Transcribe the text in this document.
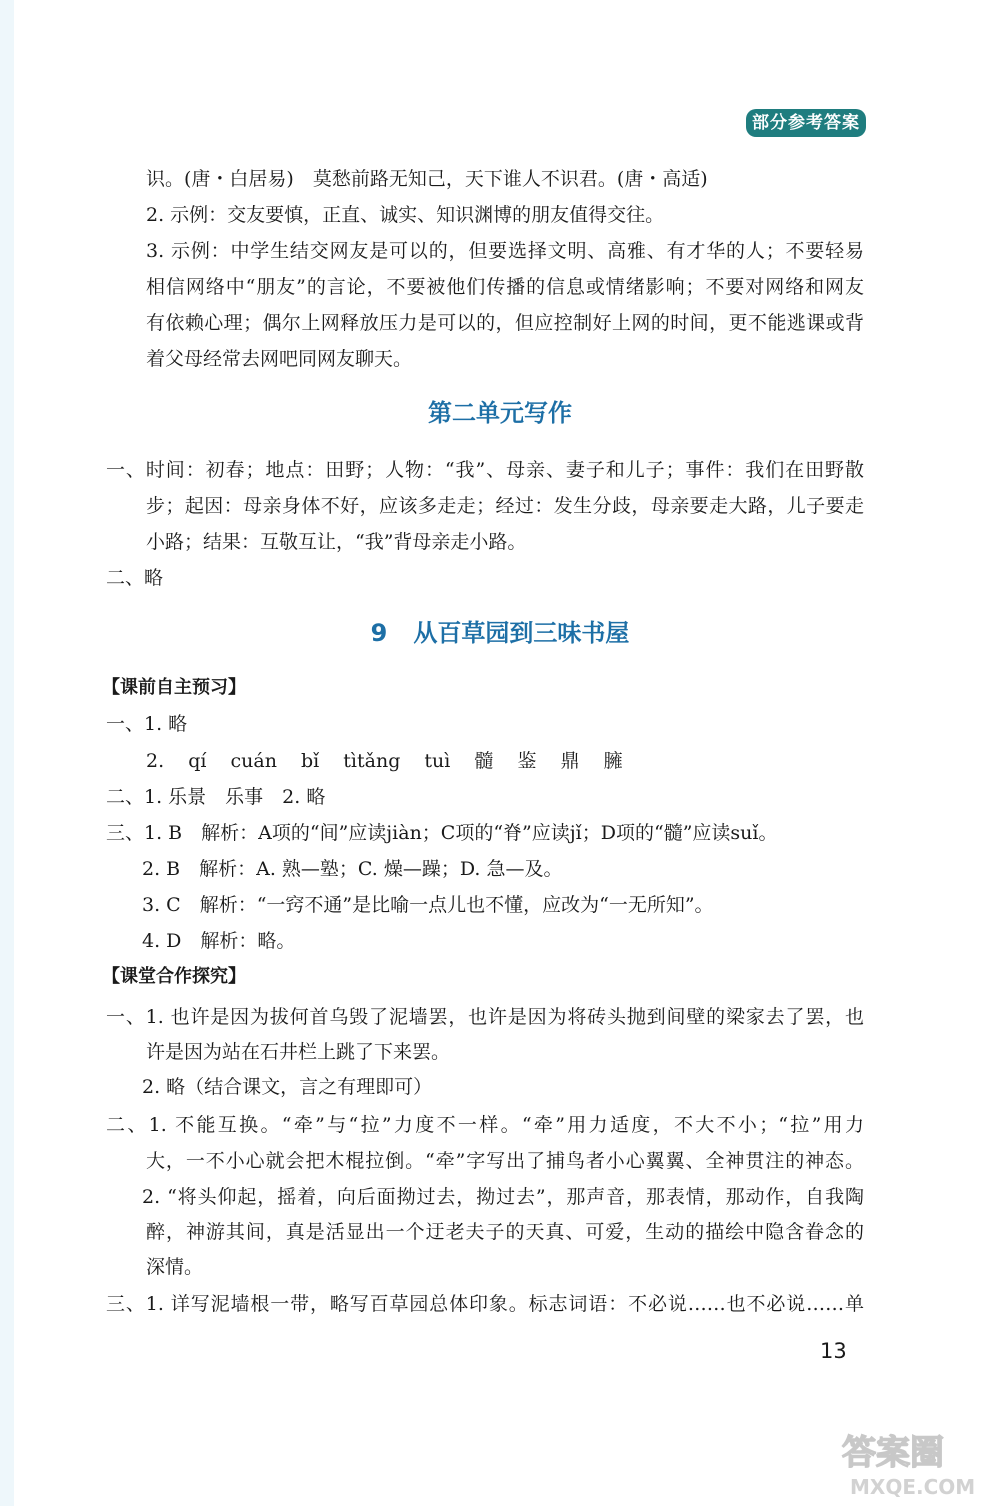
部分参考答案
识。(唐・白居易)　莫愁前路无知己，天下谁人不识君。(唐・高适)
2. 示例：交友要慎，正直、诚实、知识渊博的朋友值得交往。
3. 示例：中学生结交网友是可以的，但要选择文明、高雅、有才华的人；不要轻易
相信网络中“朋友”的言论，不要被他们传播的信息或情绪影响；不要对网络和网友
有依赖心理；偶尔上网释放压力是可以的，但应控制好上网的时间，更不能逃课或背
着父母经常去网吧同网友聊天。
第二单元写作
一、时间：初春；地点：田野；人物：“我”、母亲、妻子和儿子；事件：我们在田野散
步；起因：母亲身体不好，应该多走走；经过：发生分歧，母亲要走大路，儿子要走
小路；结果：互敬互让，“我”背母亲走小路。
二、略
9 从百草园到三味书屋
【课前自主预习】
一、1. 略
2. qí cuán bǐ tìtǎng tuì 髓 鉴 鼎 臃
二、1. 乐景　乐事　2. 略
三、1. B　解析：A项的“间”应读jiàn；C项的“脊”应读jǐ；D项的“髓”应读suǐ。
2. B　解析：A. 熟—塾；C. 燥—躁；D. 急—及。
3. C　解析：“一窍不通”是比喻一点儿也不懂，应改为“一无所知”。
4. D　解析：略。
【课堂合作探究】
一、1. 也许是因为拔何首乌毁了泥墙罢，也许是因为将砖头抛到间壁的梁家去了罢，也
许是因为站在石井栏上跳了下来罢。
2. 略（结合课文，言之有理即可）
二、1. 不能互换。“牵”与“拉”力度不一样。“牵”用力适度，不大不小；“拉”用力
大，一不小心就会把木棍拉倒。“牵”字写出了捕鸟者小心翼翼、全神贯注的神态。
2. “将头仰起，摇着，向后面拗过去，拗过去”，那声音，那表情，那动作，自我陶
醉，神游其间，真是活显出一个迂老夫子的天真、可爱，生动的描绘中隐含眷念的
深情。
三、1. 详写泥墙根一带，略写百草园总体印象。标志词语：不必说……也不必说……单
13
答案圈
MXQE.COM
